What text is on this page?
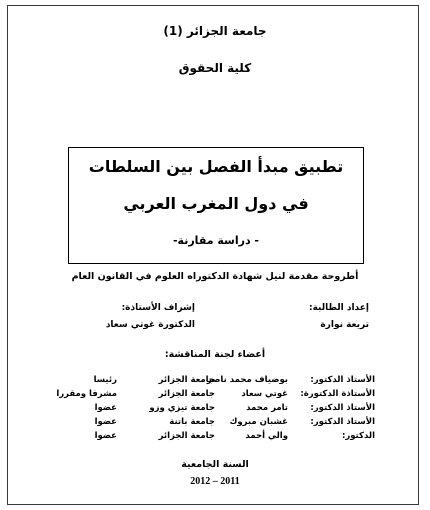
جامعة الجزائر (1)
كلية الحقوق
تطبيق مبدأ الفصل بين السلطات
في دول المغرب العربي
- دراسة مقارنة-
أطروحة مقدمة لنيل شهادة الدكتوراه العلوم في القانون العام
إعداد الطالبة:
تريعة نوارة
إشراف الأستاذة:
الدكتورة غوتي سعاد
أعضاء لجنة المناقشة:
الأستاذ الدكتور:
بوضياف محمد ناصر
جامعة الجزائر
رئيسا
الأستاذة الدكتورة:
غوتي سعاد
جامعة الجزائر
مشرفا ومقررا
الأستاذ الدكتور:
تامر محمد
جامعة تيزي وزو
عضوا
الأستاذ الدكتور:
غشبان مبروك
جامعة باتنة
عضوا
الدكتور:
والي أحمد
جامعة الجزائر
عضوا
السنة الجامعية
2012 – 2011
